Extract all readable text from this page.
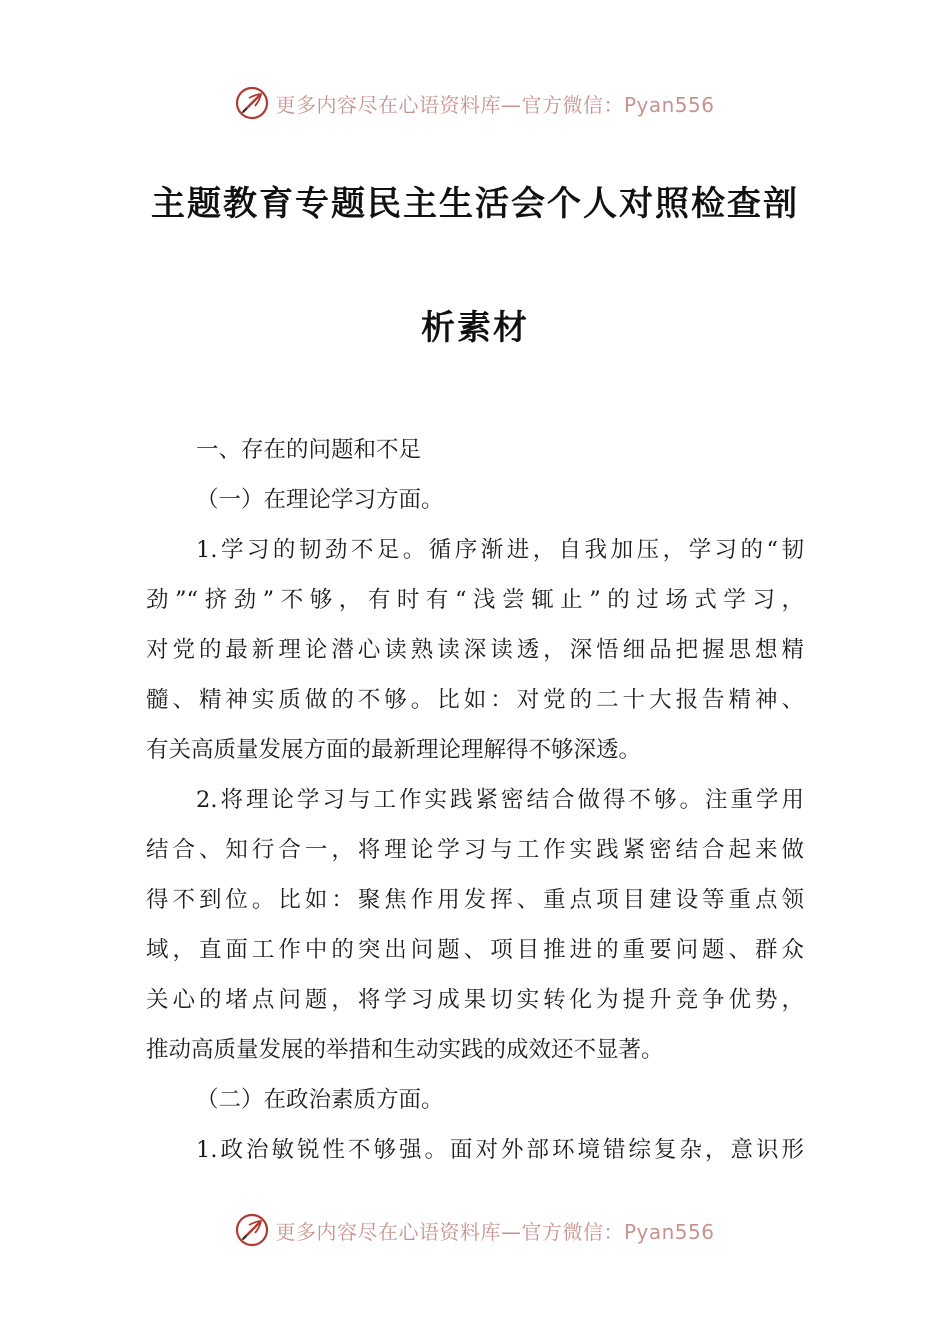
更多内容尽在心语资料库—官方微信：Pyan556
主题教育专题民主生活会个人对照检查剖
析素材
一、存在的问题和不足
（一）在理论学习方面。
1.学习的韧劲不足。循序渐进，自我加压，学习的“韧
劲”“挤劲”不够，有时有“浅尝辄止”的过场式学习，
对党的最新理论潜心读熟读深读透，深悟细品把握思想精
髓、精神实质做的不够。比如：对党的二十大报告精神、
有关高质量发展方面的最新理论理解得不够深透。
2.将理论学习与工作实践紧密结合做得不够。注重学用
结合、知行合一，将理论学习与工作实践紧密结合起来做
得不到位。比如：聚焦作用发挥、重点项目建设等重点领
域，直面工作中的突出问题、项目推进的重要问题、群众
关心的堵点问题，将学习成果切实转化为提升竞争优势，
推动高质量发展的举措和生动实践的成效还不显著。
（二）在政治素质方面。
1.政治敏锐性不够强。面对外部环境错综复杂，意识形
更多内容尽在心语资料库—官方微信：Pyan556
